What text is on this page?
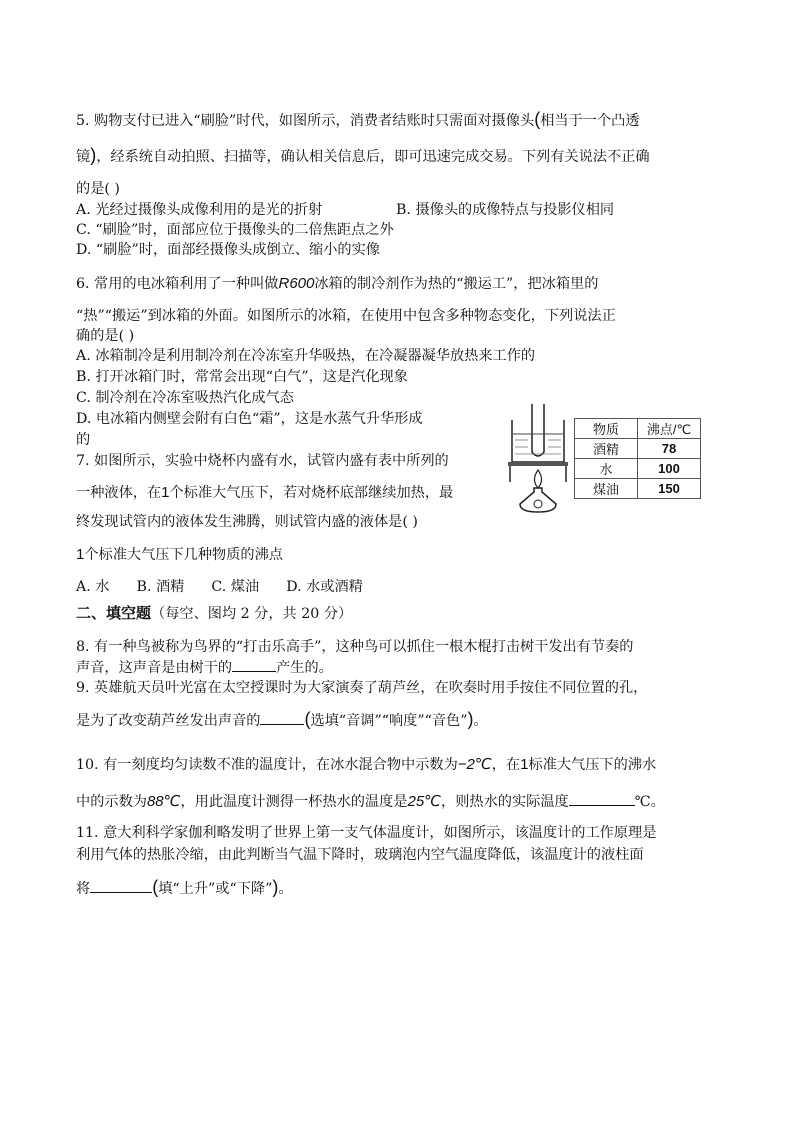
5. 购物支付已进入“刷脸”时代，如图所示，消费者结账时只需面对摄像头(相当于一个凸透
镜)，经系统自动拍照、扫描等，确认相关信息后，即可迅速完成交易。下列有关说法不正确
的是( )
A. 光经过摄像头成像利用的是光的折射	B. 摄像头的成像特点与投影仪相同
C. “刷脸”时，面部应位于摄像头的二倍焦距点之外
D. “刷脸”时，面部经摄像头成倒立、缩小的实像
6. 常用的电冰箱利用了一种叫做R600冰箱的制冷剂作为热的“搬运工”，把冰箱里的
“热”“搬运”到冰箱的外面。如图所示的冰箱，在使用中包含多种物态变化，下列说法正
确的是( )
A. 冰箱制冷是利用制冷剂在冷冻室升华吸热，在冷凝器凝华放热来工作的
B. 打开冰箱门时，常常会出现“白气”，这是汽化现象
C. 制冷剂在冷冻室吸热汽化成气态
D. 电冰箱内侧壁会附有白色“霜”，这是水蒸气升华形成
的
7. 如图所示，实验中烧杯内盛有水，试管内盛有表中所列的
一种液体，在1个标准大气压下，若对烧杯底部继续加热，最
终发现试管内的液体发生沸腾，则试管内盛的液体是( )
1个标准大气压下几种物质的沸点
A. 水      B. 酒精      C. 煤油      D. 水或酒精
物质	沸点/℃
酒精	78
水	100
煤油	150
二、填空题（每空、图均 2 分，共 20 分）
8. 有一种鸟被称为鸟界的“打击乐高手”，这种鸟可以抓住一根木棍打击树干发出有节奏的
声音，这声音是由树干的	产生的。
9. 英雄航天员叶光富在太空授课时为大家演奏了葫芦丝，在吹奏时用手按住不同位置的孔，
是为了改变葫芦丝发出声音的 (选填“音调”“响度”“音色”)。
10. 有一刻度均匀读数不准的温度计，在冰水混合物中示数为−2℃，在1标准大气压下的沸水
中的示数为88℃，用此温度计测得一杯热水的温度是25℃，则热水的实际温度	℃。
11. 意大利科学家伽利略发明了世界上第一支气体温度计，如图所示，该温度计的工作原理是
利用气体的热胀冷缩，由此判断当气温下降时，玻璃泡内空气温度降低，该温度计的液柱面
将	(填“上升”或“下降”)。
